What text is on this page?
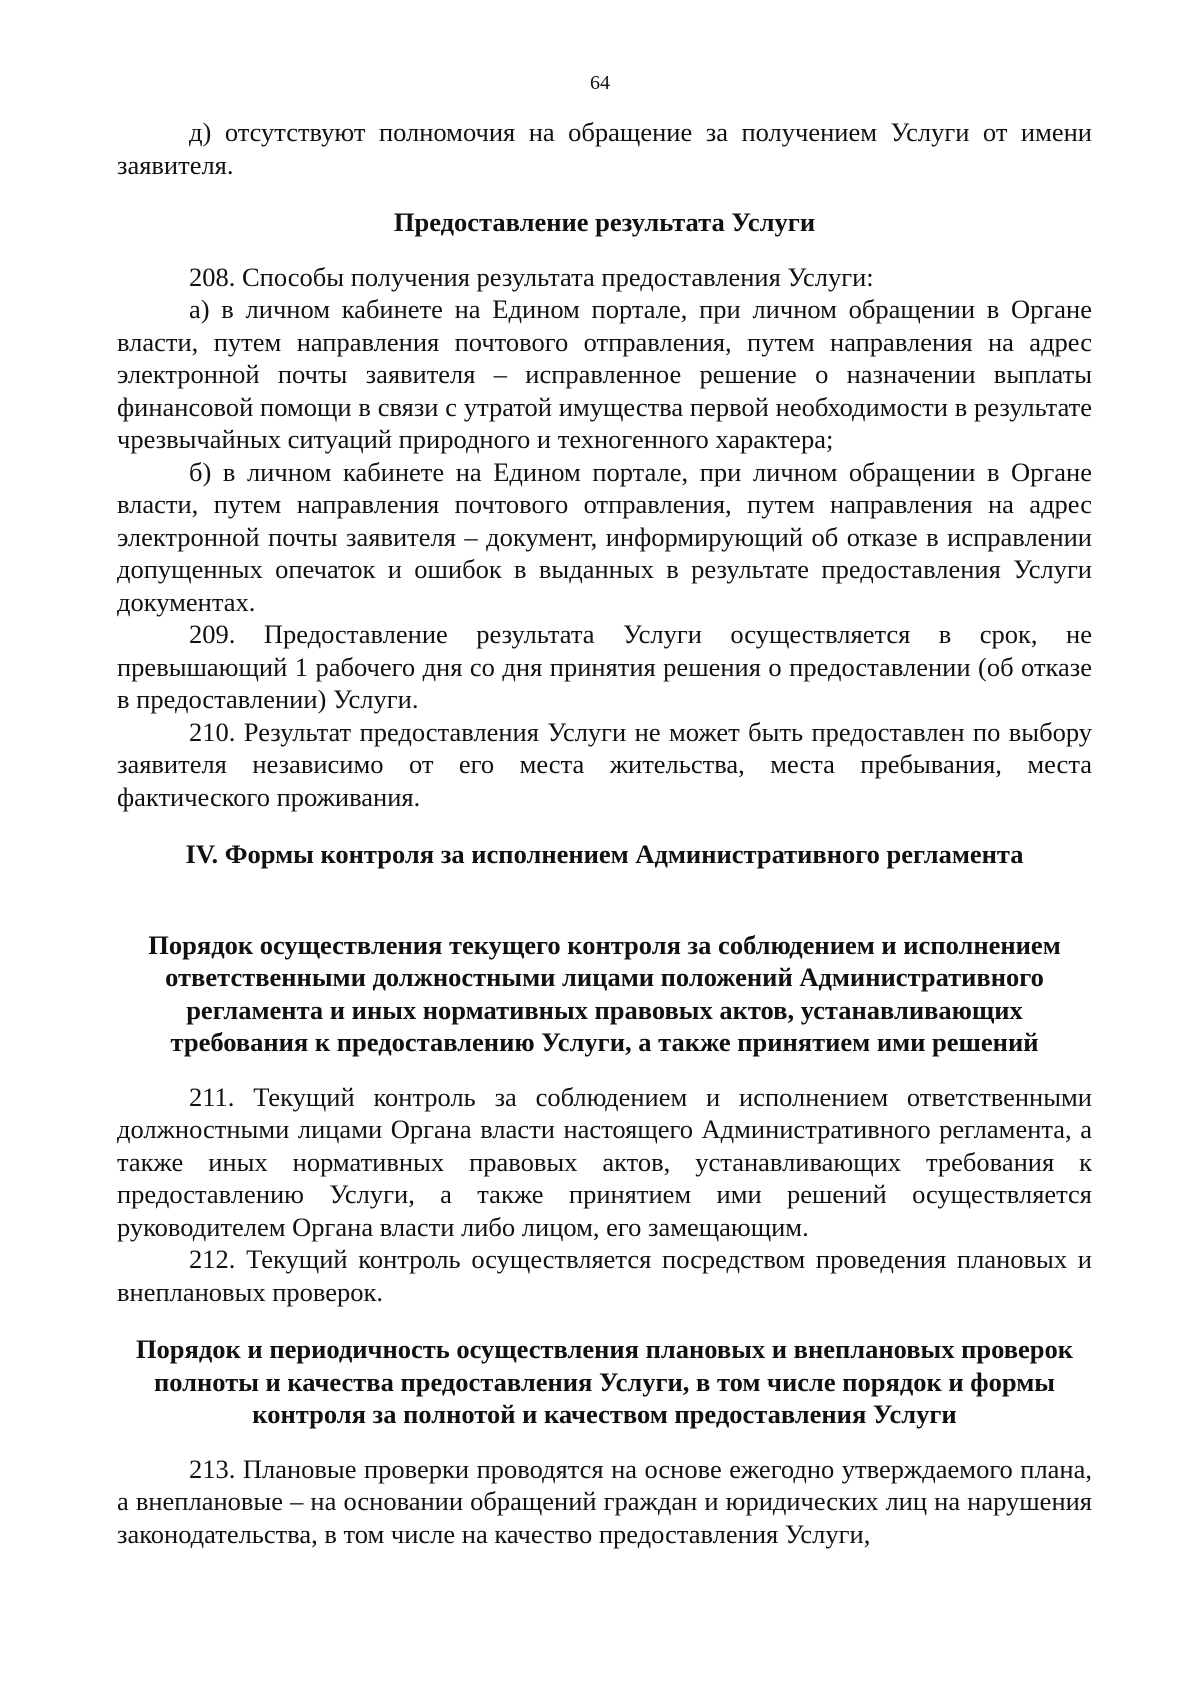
64

д) отсутствуют полномочия на обращение за получением Услуги от имени заявителя.

Предоставление результата Услуги

208. Способы получения результата предоставления Услуги:

а) в личном кабинете на Едином портале, при личном обращении в Органе власти, путем направления почтового отправления, путем направления на адрес электронной почты заявителя – исправленное решение о назначении выплаты финансовой помощи в связи с утратой имущества первой необходимости в результате чрезвычайных ситуаций природного и техногенного характера;

б) в личном кабинете на Едином портале, при личном обращении в Органе власти, путем направления почтового отправления, путем направления на адрес электронной почты заявителя – документ, информирующий об отказе в исправлении допущенных опечаток и ошибок в выданных в результате предоставления Услуги документах.

209. Предоставление результата Услуги осуществляется в срок, не превышающий 1 рабочего дня со дня принятия решения о предоставлении (об отказе в предоставлении) Услуги.

210. Результат предоставления Услуги не может быть предоставлен по выбору заявителя независимо от его места жительства, места пребывания, места фактического проживания.

IV. Формы контроля за исполнением Административного регламента
Порядок осуществления текущего контроля за соблюдением и исполнением ответственными должностными лицами положений Административного регламента и иных нормативных правовых актов, устанавливающих требования к предоставлению Услуги, а также принятием ими решений

211. Текущий контроль за соблюдением и исполнением ответственными должностными лицами Органа власти настоящего Административного регламента, а также иных нормативных правовых актов, устанавливающих требования к предоставлению Услуги, а также принятием ими решений осуществляется руководителем Органа власти либо лицом, его замещающим.

212. Текущий контроль осуществляется посредством проведения плановых и внеплановых проверок.

Порядок и периодичность осуществления плановых и внеплановых проверок полноты и качества предоставления Услуги, в том числе порядок и формы контроля за полнотой и качеством предоставления Услуги

213. Плановые проверки проводятся на основе ежегодно утверждаемого плана, а внеплановые – на основании обращений граждан и юридических лиц на нарушения законодательства, в том числе на качество предоставления Услуги,
